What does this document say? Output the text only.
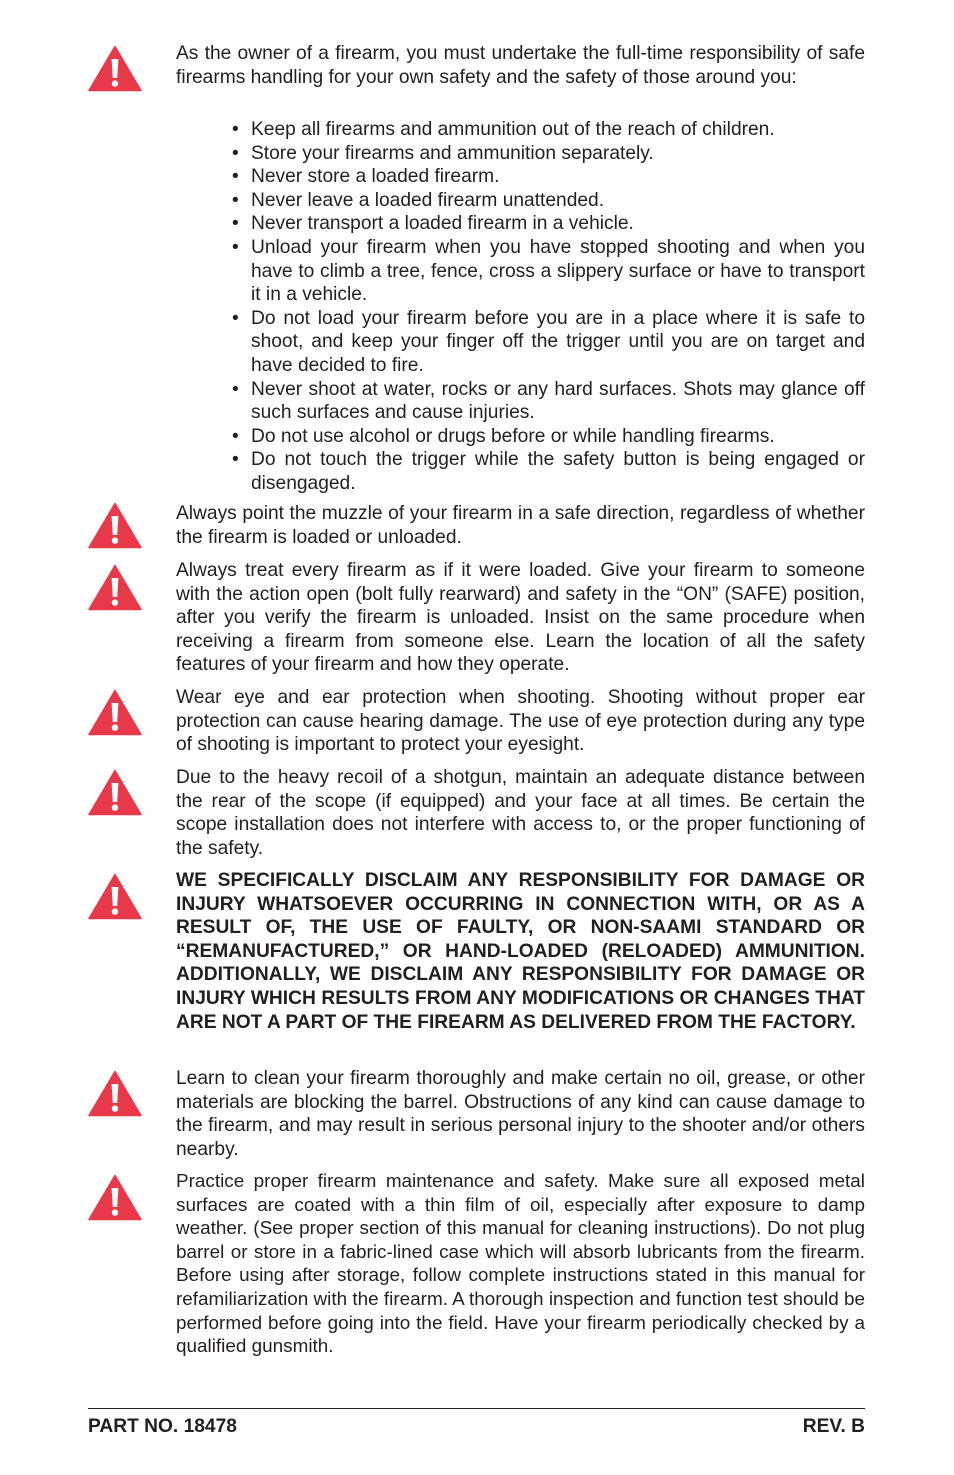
As the owner of a firearm, you must undertake the full-time responsibility of safe firearms handling for your own safety and the safety of those around you:
• Keep all firearms and ammunition out of the reach of children.
• Store your firearms and ammunition separately.
• Never store a loaded firearm.
• Never leave a loaded firearm unattended.
• Never transport a loaded firearm in a vehicle.
• Unload your firearm when you have stopped shooting and when you have to climb a tree, fence, cross a slippery surface or have to transport it in a vehicle.
• Do not load your firearm before you are in a place where it is safe to shoot, and keep your finger off the trigger until you are on target and have decided to fire.
• Never shoot at water, rocks or any hard surfaces. Shots may glance off such surfaces and cause injuries.
• Do not use alcohol or drugs before or while handling firearms.
• Do not touch the trigger while the safety button is being engaged or disengaged.
Always point the muzzle of your firearm in a safe direction, regardless of whether the firearm is loaded or unloaded.
Always treat every firearm as if it were loaded. Give your firearm to someone with the action open (bolt fully rearward) and safety in the “ON” (SAFE) position, after you verify the firearm is unloaded. Insist on the same procedure when receiving a firearm from someone else. Learn the location of all the safety features of your firearm and how they operate.
Wear eye and ear protection when shooting. Shooting without proper ear protection can cause hearing damage. The use of eye protection during any type of shooting is important to protect your eyesight.
Due to the heavy recoil of a shotgun, maintain an adequate distance between the rear of the scope (if equipped) and your face at all times. Be certain the scope installation does not interfere with access to, or the proper functioning of the safety.
WE SPECIFICALLY DISCLAIM ANY RESPONSIBILITY FOR DAMAGE OR INJURY WHATSOEVER OCCURRING IN CONNECTION WITH, OR AS A RESULT OF, THE USE OF FAULTY, OR NON-SAAMI STANDARD OR “REMANUFACTURED,” OR HAND-LOADED (RELOADED) AMMUNITION. ADDITIONALLY, WE DISCLAIM ANY RESPONSIBILITY FOR DAMAGE OR INJURY WHICH RESULTS FROM ANY MODIFICATIONS OR CHANGES THAT ARE NOT A PART OF THE FIREARM AS DELIVERED FROM THE FACTORY.
Learn to clean your firearm thoroughly and make certain no oil, grease, or other materials are blocking the barrel. Obstructions of any kind can cause damage to the firearm, and may result in serious personal injury to the shooter and/or others nearby.
Practice proper firearm maintenance and safety. Make sure all exposed metal surfaces are coated with a thin film of oil, especially after exposure to damp weather. (See proper section of this manual for cleaning instructions). Do not plug barrel or store in a fabric-lined case which will absorb lubricants from the firearm. Before using after storage, follow complete instructions stated in this manual for refamiliarization with the firearm. A thorough inspection and function test should be performed before going into the field. Have your firearm periodically checked by a qualified gunsmith.
PART NO. 18478	REV. B
